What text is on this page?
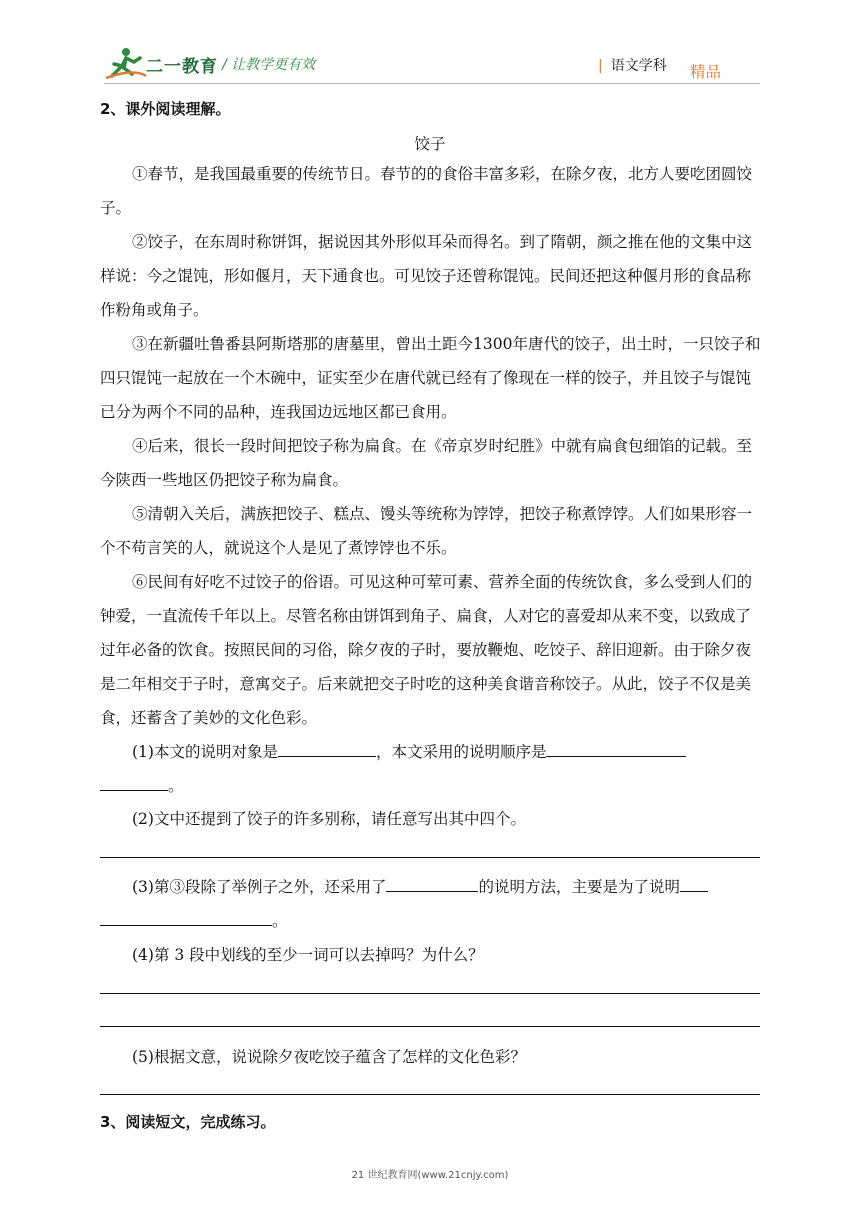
二一教育 / 让教学更有效	精品
| 语文学科
2、课外阅读理解。
饺子
①春节，是我国最重要的传统节日。春节的的食俗丰富多彩，在除夕夜，北方人要吃团圆饺子。
②饺子，在东周时称饼饵，据说因其外形似耳朵而得名。到了隋朝，颜之推在他的文集中这样说：今之馄饨，形如偃月，天下通食也。可见饺子还曾称馄饨。民间还把这种偃月形的食品称作粉角或角子。
③在新疆吐鲁番县阿斯塔那的唐墓里，曾出土距今1300年唐代的饺子，出土时，一只饺子和四只馄饨一起放在一个木碗中，证实至少在唐代就已经有了像现在一样的饺子，并且饺子与馄饨已分为两个不同的品种，连我国边远地区都已食用。
④后来，很长一段时间把饺子称为扁食。在《帝京岁时纪胜》中就有扁食包细馅的记载。至今陕西一些地区仍把饺子称为扁食。
⑤清朝入关后，满族把饺子、糕点、馒头等统称为饽饽，把饺子称煮饽饽。人们如果形容一个不苟言笑的人，就说这个人是见了煮饽饽也不乐。
⑥民间有好吃不过饺子的俗语。可见这种可荤可素、营养全面的传统饮食，多么受到人们的钟爱，一直流传千年以上。尽管名称由饼饵到角子、扁食，人对它的喜爱却从来不变，以致成了过年必备的饮食。按照民间的习俗，除夕夜的子时，要放鞭炮、吃饺子、辞旧迎新。由于除夕夜是二年相交于子时，意寓交子。后来就把交子时吃的这种美食谐音称饺子。从此，饺子不仅是美食，还蓄含了美妙的文化色彩。
(1)本文的说明对象是	，本文采用的说明顺序是
。
(2)文中还提到了饺子的许多别称，请任意写出其中四个。
(3)第③段除了举例子之外，还采用了	的说明方法，主要是为了说明
。
(4)第 3 段中划线的至少一词可以去掉吗？为什么？
(5)根据文意，说说除夕夜吃饺子蕴含了怎样的文化色彩？
3、阅读短文，完成练习。
21 世纪教育网(www.21cnjy.com)
